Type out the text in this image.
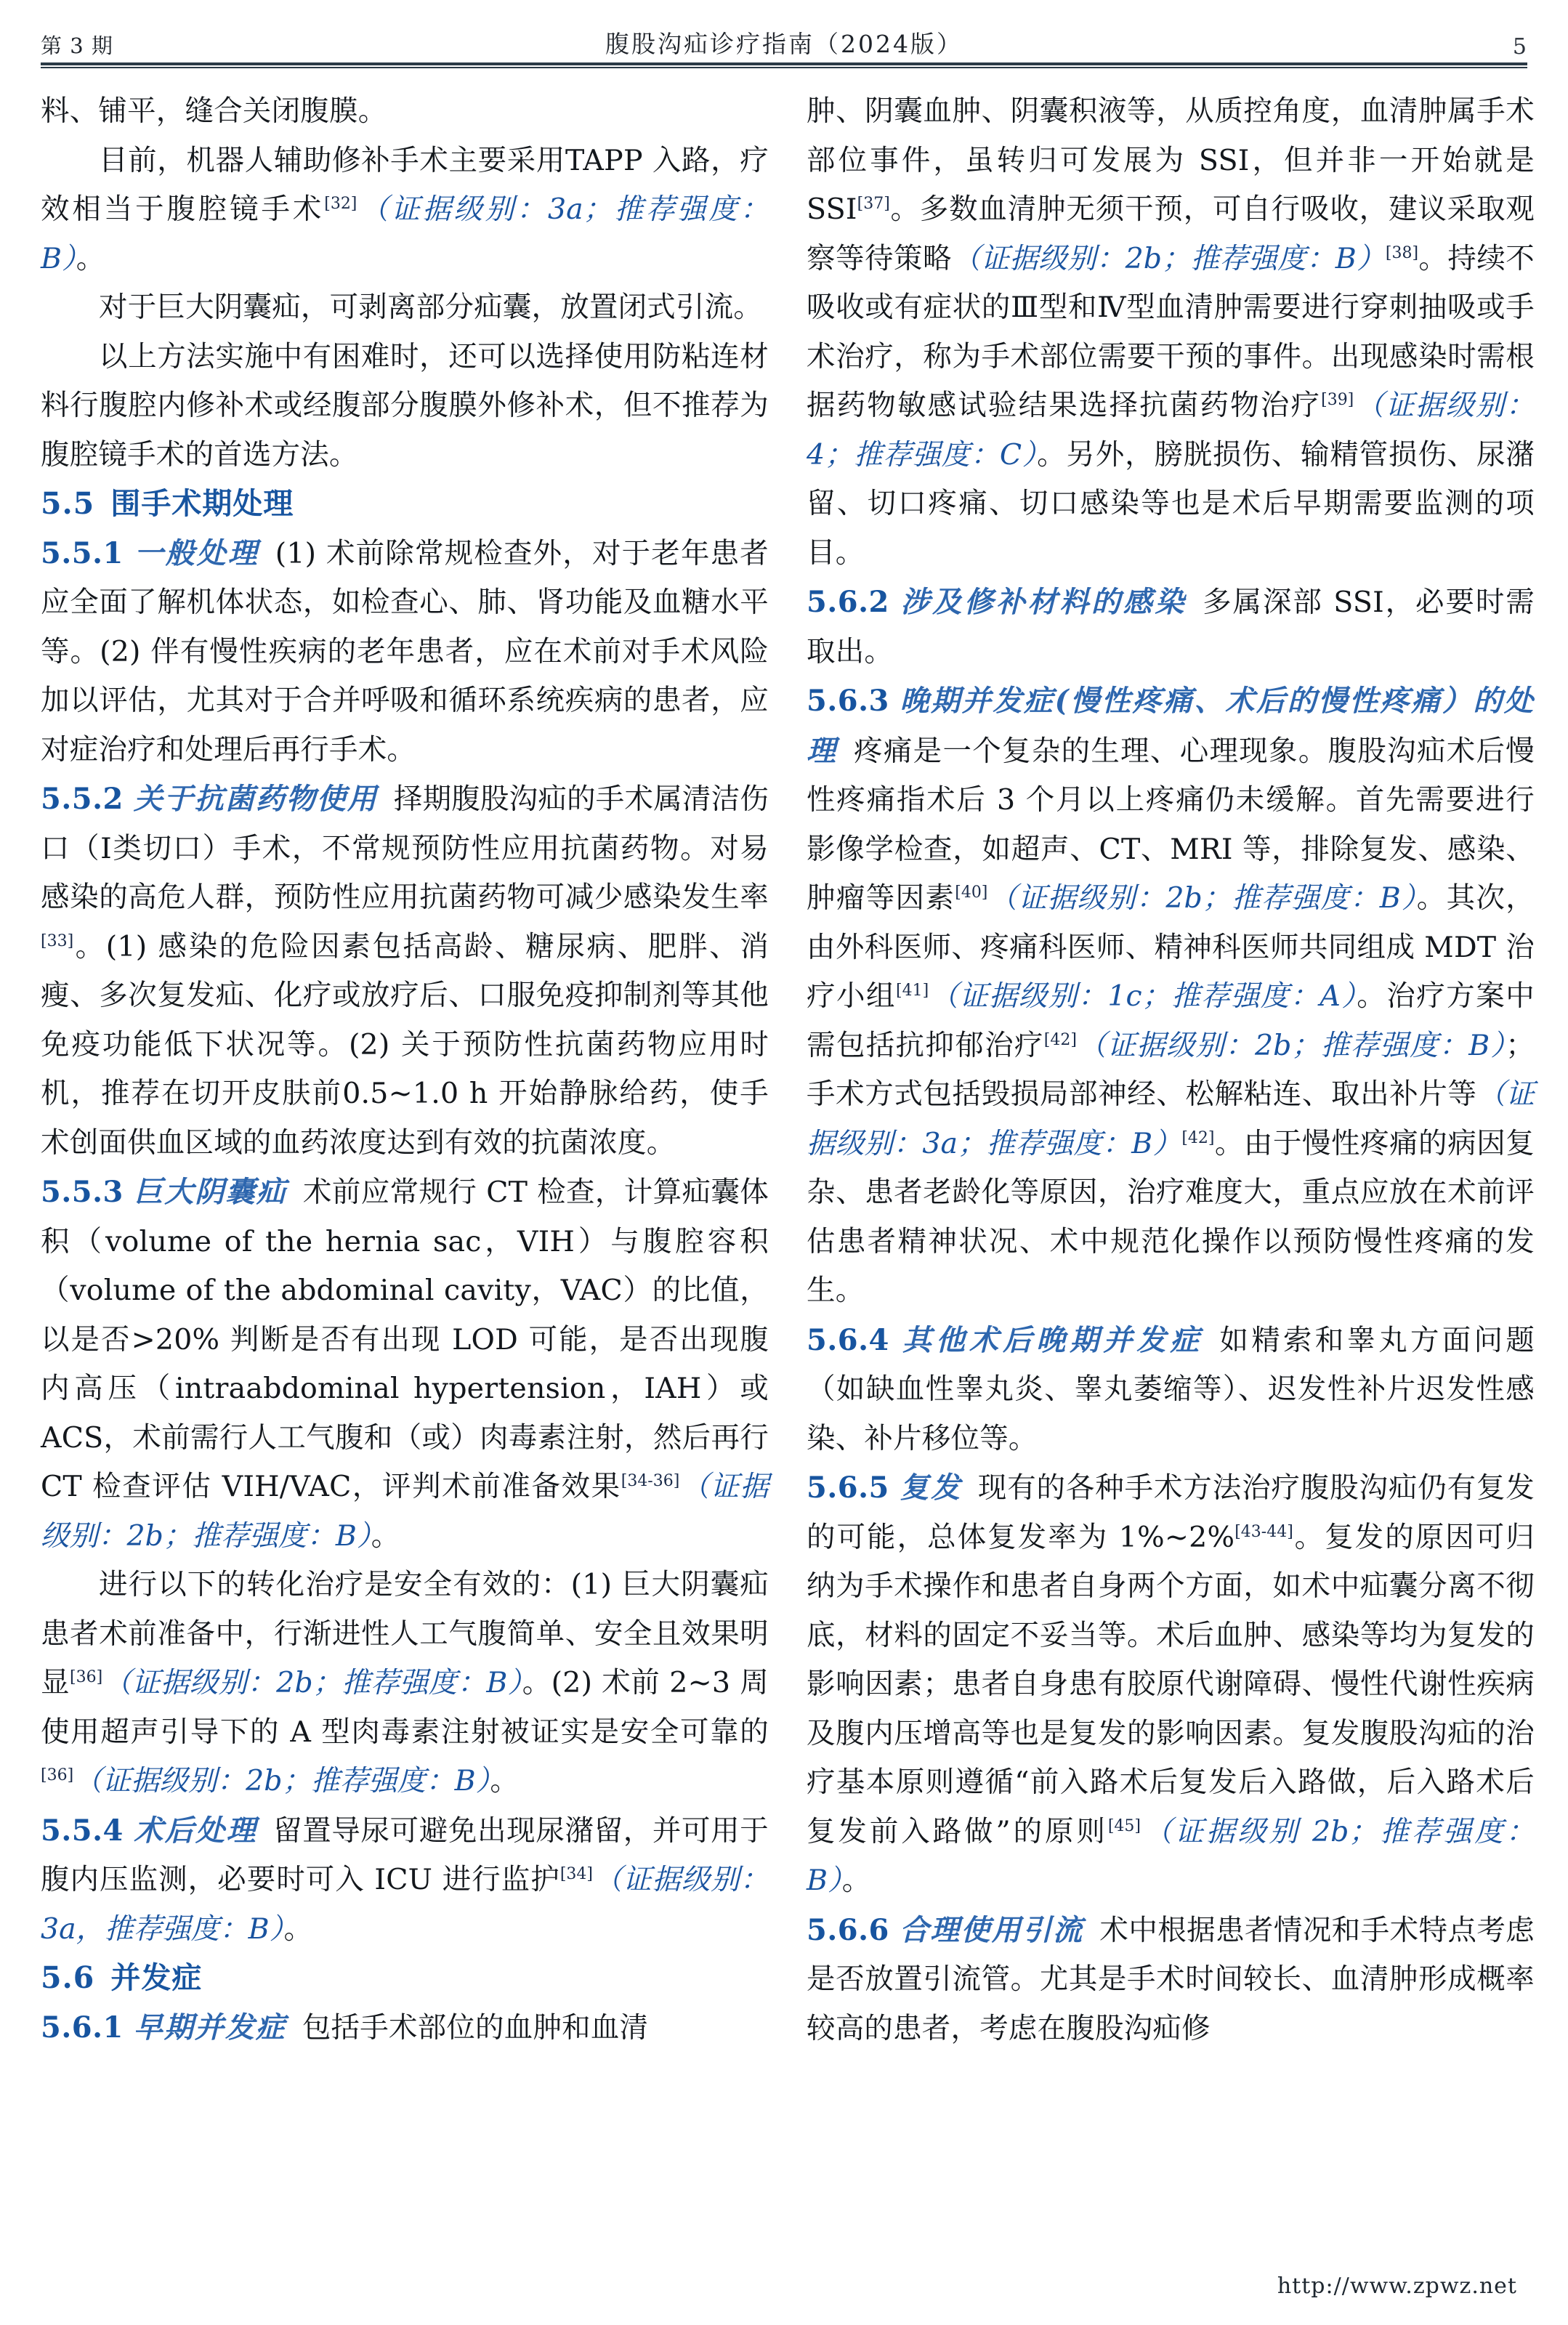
第 3 期	腹股沟疝诊疗指南（2024版）	5

料、铺平，缝合关闭腹膜。

目前，机器人辅助修补手术主要采用TAPP 入路，疗效相当于腹腔镜手术[32]（证据级别：3a；推荐强度：B）。

对于巨大阴囊疝，可剥离部分疝囊，放置闭式引流。

以上方法实施中有困难时，还可以选择使用防粘连材料行腹腔内修补术或经腹部分腹膜外修补术，但不推荐为腹腔镜手术的首选方法。

5.5 围手术期处理

5.5.1 一般处理 (1) 术前除常规检查外，对于老年患者应全面了解机体状态，如检查心、肺、肾功能及血糖水平等。(2) 伴有慢性疾病的老年患者，应在术前对手术风险加以评估，尤其对于合并呼吸和循环系统疾病的患者，应对症治疗和处理后再行手术。

5.5.2 关于抗菌药物使用 择期腹股沟疝的手术属清洁伤口（Ⅰ类切口）手术，不常规预防性应用抗菌药物。对易感染的高危人群，预防性应用抗菌药物可减少感染发生率[33]。(1) 感染的危险因素包括高龄、糖尿病、肥胖、消瘦、多次复发疝、化疗或放疗后、口服免疫抑制剂等其他免疫功能低下状况等。(2) 关于预防性抗菌药物应用时机，推荐在切开皮肤前0.5~1.0 h 开始静脉给药，使手术创面供血区域的血药浓度达到有效的抗菌浓度。

5.5.3 巨大阴囊疝 术前应常规行 CT 检查，计算疝囊体积（volume of the hernia sac，VIH）与腹腔容积（volume of the abdominal cavity，VAC）的比值，以是否>20% 判断是否有出现 LOD 可能，是否出现腹内高压（intraabdominal hypertension，IAH）或 ACS，术前需行人工气腹和（或）肉毒素注射，然后再行 CT 检查评估 VIH/VAC，评判术前准备效果[34-36]（证据级别：2b；推荐强度：B）。

进行以下的转化治疗是安全有效的：(1) 巨大阴囊疝患者术前准备中，行渐进性人工气腹简单、安全且效果明显[36]（证据级别：2b；推荐强度：B）。(2) 术前 2~3 周使用超声引导下的 A 型肉毒素注射被证实是安全可靠的[36]（证据级别：2b；推荐强度：B）。

5.5.4 术后处理 留置导尿可避免出现尿潴留，并可用于腹内压监测，必要时可入 ICU 进行监护[34]（证据级别：3a，推荐强度：B）。

5.6 并发症

5.6.1 早期并发症 包括手术部位的血肿和血清

肿、阴囊血肿、阴囊积液等，从质控角度，血清肿属手术部位事件，虽转归可发展为 SSI，但并非一开始就是 SSI[37]。多数血清肿无须干预，可自行吸收，建议采取观察等待策略（证据级别：2b；推荐强度：B）[38]。持续不吸收或有症状的Ⅲ型和Ⅳ型血清肿需要进行穿刺抽吸或手术治疗，称为手术部位需要干预的事件。出现感染时需根据药物敏感试验结果选择抗菌药物治疗[39]（证据级别：4；推荐强度：C）。另外，膀胱损伤、输精管损伤、尿潴留、切口疼痛、切口感染等也是术后早期需要监测的项目。

5.6.2 涉及修补材料的感染 多属深部 SSI，必要时需取出。

5.6.3 晚期并发症(慢性疼痛、术后的慢性疼痛）的处理 疼痛是一个复杂的生理、心理现象。腹股沟疝术后慢性疼痛指术后 3 个月以上疼痛仍未缓解。首先需要进行影像学检查，如超声、CT、MRI 等，排除复发、感染、肿瘤等因素[40]（证据级别：2b；推荐强度：B）。其次，由外科医师、疼痛科医师、精神科医师共同组成 MDT 治疗小组[41]（证据级别：1c；推荐强度：A）。治疗方案中需包括抗抑郁治疗[42]（证据级别：2b；推荐强度：B）；手术方式包括毁损局部神经、松解粘连、取出补片等（证据级别：3a；推荐强度：B）[42]。由于慢性疼痛的病因复杂、患者老龄化等原因，治疗难度大，重点应放在术前评估患者精神状况、术中规范化操作以预防慢性疼痛的发生。

5.6.4 其他术后晚期并发症 如精索和睾丸方面问题（如缺血性睾丸炎、睾丸萎缩等）、迟发性补片迟发性感染、补片移位等。

5.6.5 复发 现有的各种手术方法治疗腹股沟疝仍有复发的可能，总体复发率为 1%~2%[43-44]。复发的原因可归纳为手术操作和患者自身两个方面，如术中疝囊分离不彻底，材料的固定不妥当等。术后血肿、感染等均为复发的影响因素；患者自身患有胶原代谢障碍、慢性代谢性疾病及腹内压增高等也是复发的影响因素。复发腹股沟疝的治疗基本原则遵循“前入路术后复发后入路做，后入路术后复发前入路做”的原则[45]（证据级别 2b；推荐强度：B）。

5.6.6 合理使用引流 术中根据患者情况和手术特点考虑是否放置引流管。尤其是手术时间较长、血清肿形成概率较高的患者，考虑在腹股沟疝修

http://www.zpwz.net
